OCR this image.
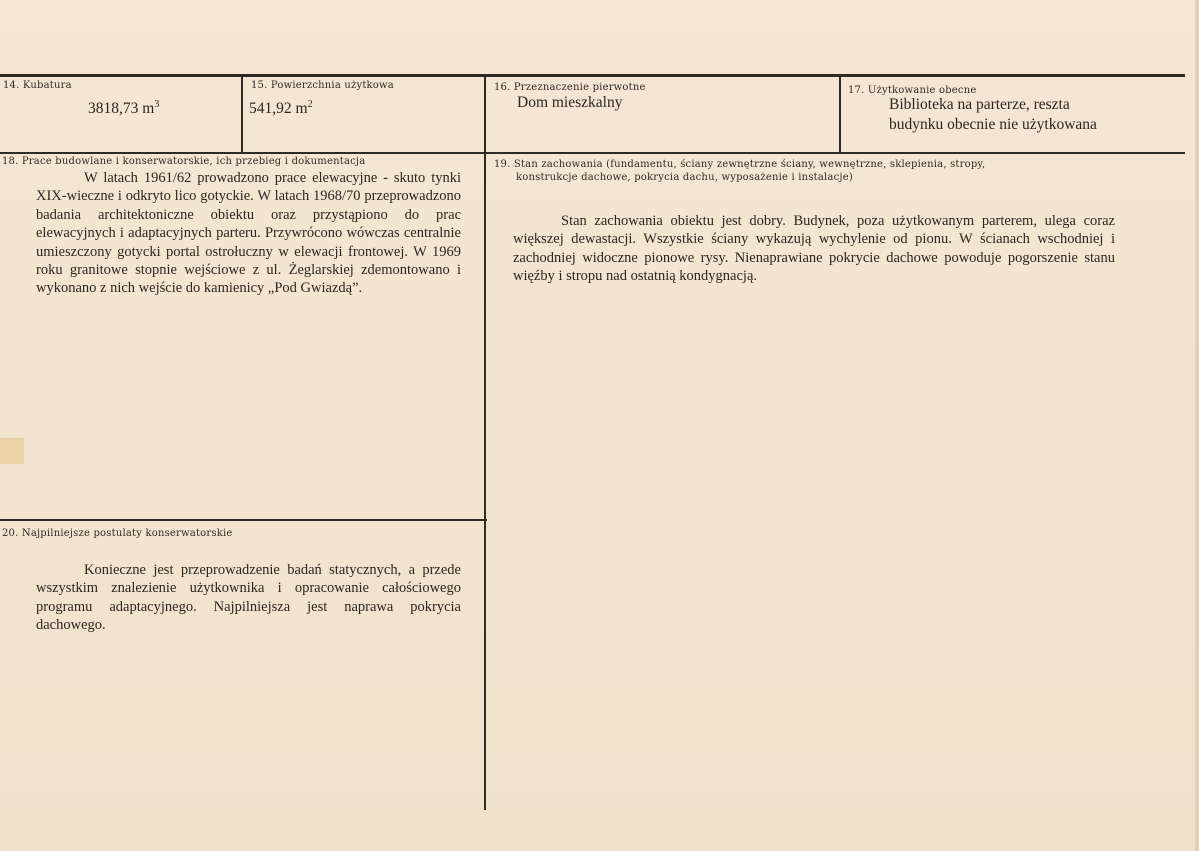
14. Kubatura
3818,73 $m^3$
15. Powierzchnia użytkowa
541,92 $m^2$
16. Przeznaczenie pierwotne
Dom mieszkalny
17. Użytkowanie obecne
Biblioteka na parterze, reszta
budynku obecnie nie użytkowana
18. Prace budowlane i konserwatorskie, ich przebieg i dokumentacja
W latach 1961/62 prowadzono prace elewacyjne - skuto tynki XIX-wieczne i odkryto lico gotyckie. W latach 1968/70 przeprowadzono badania architektoniczne obiektu oraz przystąpiono do prac elewacyjnych i adaptacyjnych parteru. Przywrócono wówczas centralnie umieszczony gotycki portal ostrołuczny w elewacji frontowej. W 1969 roku granitowe stopnie wejściowe z ul. Żeglarskiej zdemontowano i wykonano z nich wejście do kamienicy „Pod Gwiazdą”.
19. Stan zachowania (fundamentu, ściany zewnętrzne ściany, wewnętrzne, sklepienia, stropy,
konstrukcje dachowe, pokrycia dachu, wyposażenie i instalacje)
Stan zachowania obiektu jest dobry. Budynek, poza użytkowanym parterem, ulega coraz większej dewastacji. Wszystkie ściany wykazują wychylenie od pionu. W ścianach wschodniej i zachodniej widoczne pionowe rysy. Nienaprawiane pokrycie dachowe powoduje pogorszenie stanu więźby i stropu nad ostatnią kondygnacją.
20. Najpilniejsze postulaty konserwatorskie
Konieczne jest przeprowadzenie badań statycznych, a przede wszystkim znalezienie użytkownika i opracowanie całościowego programu adaptacyjnego. Najpilniejsza jest naprawa pokrycia dachowego.
